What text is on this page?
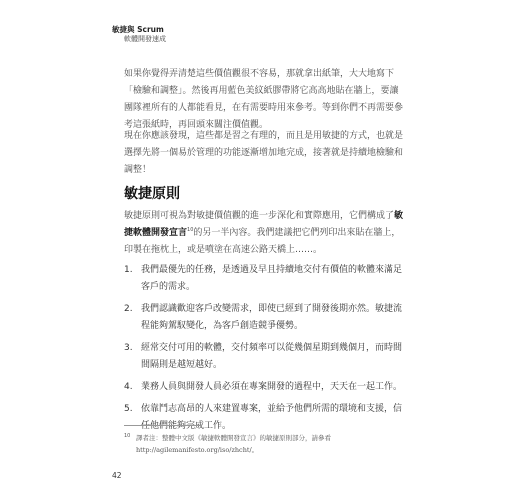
敏捷與 Scrum
軟體開發速成

如果你覺得弄清楚這些價值觀很不容易，那就拿出紙筆，大大地寫下「檢驗和調整」。然後再用藍色美紋紙膠帶將它高高地貼在牆上，要讓團隊裡所有的人都能看見，在有需要時用來參考。等到你們不再需要參考這張紙時，再回頭來關注價值觀。

現在你應該發現，這些都是習之有理的，而且是用敏捷的方式，也就是選擇先將一個易於管理的功能逐漸增加地完成，接著就是持續地檢驗和調整！

敏捷原則

敏捷原則可視為對敏捷價值觀的進一步深化和實際應用，它們構成了敏捷軟體開發宣言$^{10}$的另一半內容。我們建議把它們列印出來貼在牆上，印製在拖枕上，或是噴塗在高速公路天橋上……。

1. 我們最優先的任務，是透過及早且持續地交付有價值的軟體來滿足客戶的需求。
2. 我們認識歡迎客戶改變需求，即使已經到了開發後期亦然。敏捷流程能夠駕馭變化，為客戶創造競爭優勢。
3. 經常交付可用的軟體，交付頻率可以從幾個星期到幾個月，而時間間隔則是越短越好。
4. 業務人員與開發人員必須在專案開發的過程中，天天在一起工作。
5. 依靠鬥志高昂的人來建置專案，並給予他們所需的環境和支援，信任他們能夠完成工作。
10 譯者注：整體中文版《敏捷軟體開發宣言》的敏捷原則部分，請參看
http://agilemanifesto.org/iso/zhcht/。
42
